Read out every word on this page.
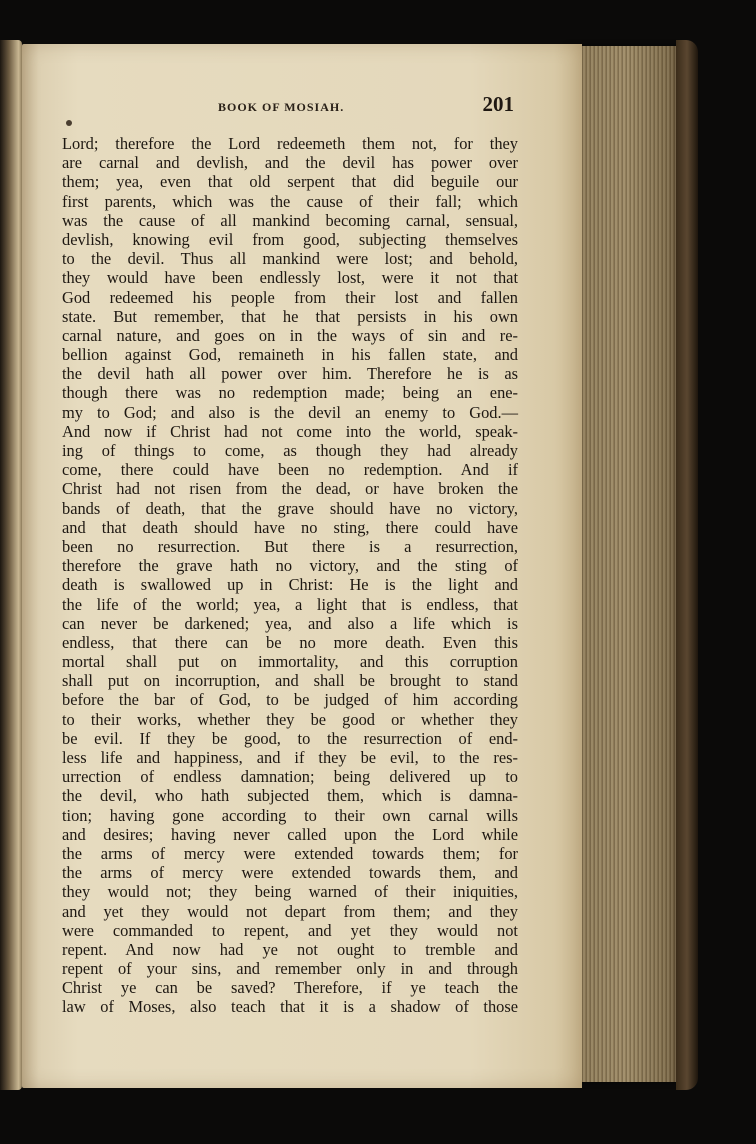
BOOK OF MOSIAH.	201
Lord; therefore the Lord redeemeth them not, for they
are carnal and devlish, and the devil has power over
them; yea, even that old serpent that did beguile our
first parents, which was the cause of their fall; which
was the cause of all mankind becoming carnal, sensual,
devlish, knowing evil from good, subjecting themselves
to the devil. Thus all mankind were lost; and behold,
they would have been endlessly lost, were it not that
God redeemed his people from their lost and fallen
state. But remember, that he that persists in his own
carnal nature, and goes on in the ways of sin and re-
bellion against God, remaineth in his fallen state, and
the devil hath all power over him. Therefore he is as
though there was no redemption made; being an ene-
my to God; and also is the devil an enemy to God.—
And now if Christ had not come into the world, speak-
ing of things to come, as though they had already
come, there could have been no redemption. And if
Christ had not risen from the dead, or have broken the
bands of death, that the grave should have no victory,
and that death should have no sting, there could have
been no resurrection. But there is a resurrection,
therefore the grave hath no victory, and the sting of
death is swallowed up in Christ: He is the light and
the life of the world; yea, a light that is endless, that
can never be darkened; yea, and also a life which is
endless, that there can be no more death. Even this
mortal shall put on immortality, and this corruption
shall put on incorruption, and shall be brought to stand
before the bar of God, to be judged of him according
to their works, whether they be good or whether they
be evil. If they be good, to the resurrection of end-
less life and happiness, and if they be evil, to the res-
urrection of endless damnation; being delivered up to
the devil, who hath subjected them, which is damna-
tion; having gone according to their own carnal wills
and desires; having never called upon the Lord while
the arms of mercy were extended towards them; for
the arms of mercy were extended towards them, and
they would not; they being warned of their iniquities,
and yet they would not depart from them; and they
were commanded to repent, and yet they would not
repent. And now had ye not ought to tremble and
repent of your sins, and remember only in and through
Christ ye can be saved? Therefore, if ye teach the
law of Moses, also teach that it is a shadow of those
